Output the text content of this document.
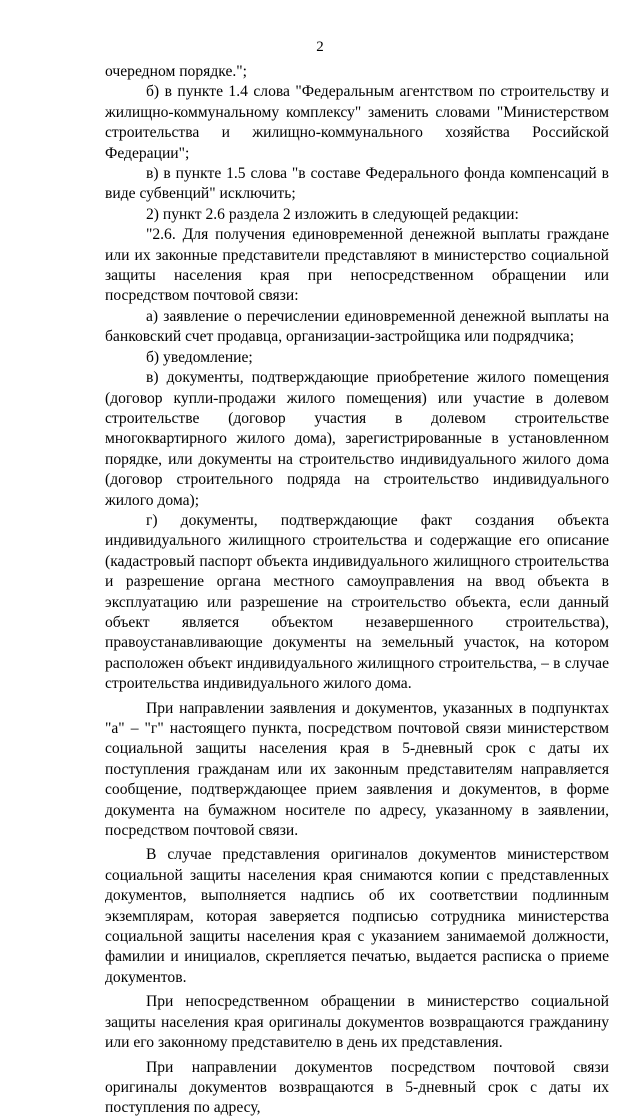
2

очередном порядке.";

б) в пункте 1.4 слова "Федеральным агентством по строительству и жилищно-коммунальному комплексу" заменить словами "Министерством строительства и жилищно-коммунального хозяйства Российской Федерации";

в) в пункте 1.5 слова "в составе Федерального фонда компенсаций в виде субвенций" исключить;

2) пункт 2.6 раздела 2 изложить в следующей редакции:

"2.6. Для получения единовременной денежной выплаты граждане или их законные представители представляют в министерство социальной защиты населения края при непосредственном обращении или посредством почтовой связи:

а) заявление о перечислении единовременной денежной выплаты на банковский счет продавца, организации-застройщика или подрядчика;

б) уведомление;

в) документы, подтверждающие приобретение жилого помещения (договор купли-продажи жилого помещения) или участие в долевом строительстве (договор участия в долевом строительстве многоквартирного жилого дома), зарегистрированные в установленном порядке, или документы на строительство индивидуального жилого дома (договор строительного подряда на строительство индивидуального жилого дома);

г) документы, подтверждающие факт создания объекта индивидуального жилищного строительства и содержащие его описание (кадастровый паспорт объекта индивидуального жилищного строительства и разрешение органа местного самоуправления на ввод объекта в эксплуатацию или разрешение на строительство объекта, если данный объект является объектом незавершенного строительства), правоустанавливающие документы на земельный участок, на котором расположен объект индивидуального жилищного строительства, – в случае строительства индивидуального жилого дома.

При направлении заявления и документов, указанных в подпунктах "а" – "г" настоящего пункта, посредством почтовой связи министерством социальной защиты населения края в 5-дневный срок с даты их поступления гражданам или их законным представителям направляется сообщение, подтверждающее прием заявления и документов, в форме документа на бумажном носителе по адресу, указанному в заявлении, посредством почтовой связи.

В случае представления оригиналов документов министерством социальной защиты населения края снимаются копии с представленных документов, выполняется надпись об их соответствии подлинным экземплярам, которая заверяется подписью сотрудника министерства социальной защиты населения края с указанием занимаемой должности, фамилии и инициалов, скрепляется печатью, выдается расписка о приеме документов.

При непосредственном обращении в министерство социальной защиты населения края оригиналы документов возвращаются гражданину или его законному представителю в день их представления.

При направлении документов посредством почтовой связи оригиналы документов возвращаются в 5-дневный срок с даты их поступления по адресу,
